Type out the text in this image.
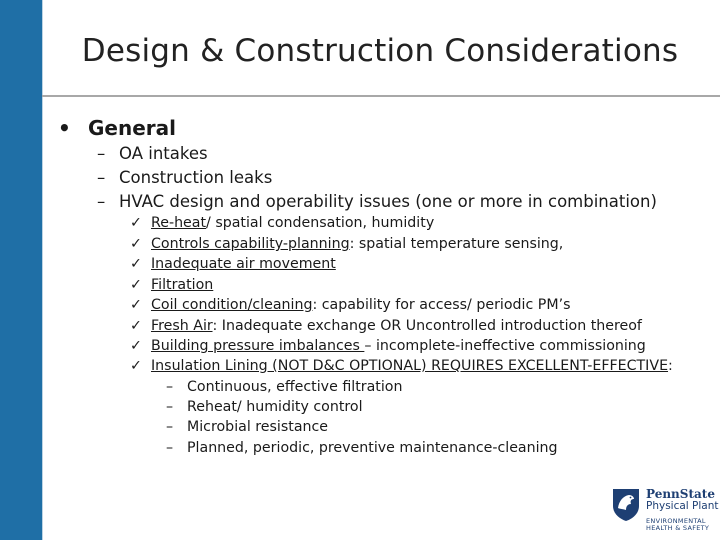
Design & Construction Considerations
• General
– OA intakes
– Construction leaks
– HVAC design and operability issues (one or more in combination)
✓ Re-heat/ spatial condensation, humidity
✓ Controls capability-planning: spatial temperature sensing,
✓ Inadequate air movement
✓ Filtration
✓ Coil condition/cleaning: capability for access/ periodic PM’s
✓ Fresh Air: Inadequate exchange OR Uncontrolled introduction thereof
✓ Building pressure imbalances – incomplete-ineffective commissioning
✓ Insulation Lining (NOT D&C OPTIONAL) REQUIRES EXCELLENT-EFFECTIVE:
– Continuous, effective filtration
– Reheat/ humidity control
– Microbial resistance
– Planned, periodic, preventive maintenance-cleaning
PennState
Physical Plant
ENVIRONMENTAL
HEALTH & SAFETY
